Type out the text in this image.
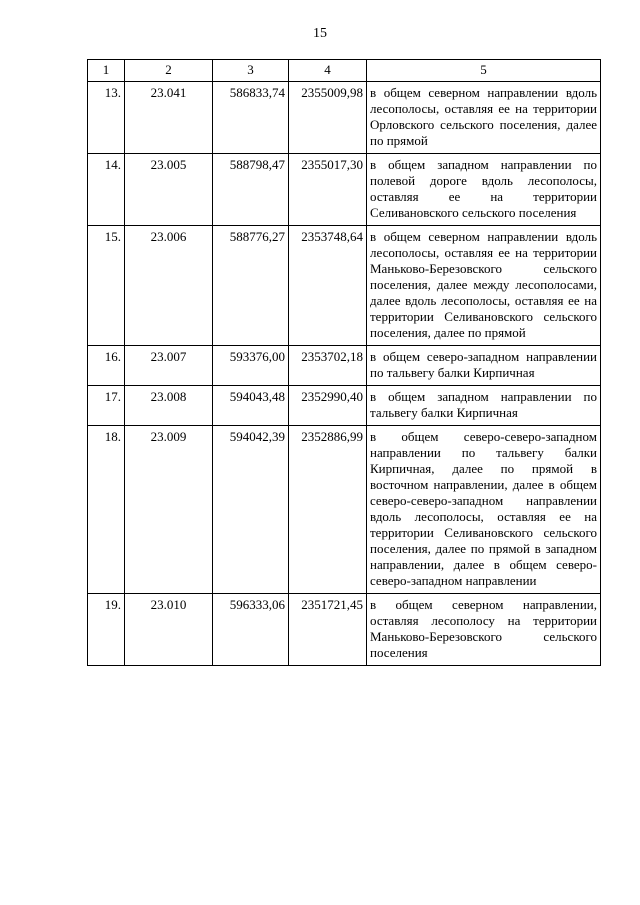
15
1	2	3	4	5
13.	23.041	586833,74	2355009,98	в общем северном направлении вдоль лесополосы, оставляя ее на территории Орловского сельского поселения, далее по прямой
14.	23.005	588798,47	2355017,30	в общем западном направлении по полевой дороге вдоль лесополосы, оставляя ее на территории Селивановского сельского поселения
15.	23.006	588776,27	2353748,64	в общем северном направлении вдоль лесополосы, оставляя ее на территории Маньково-Березовского сельского поселения, далее между лесополосами, далее вдоль лесополосы, оставляя ее на территории Селивановского сельского поселения, далее по прямой
16.	23.007	593376,00	2353702,18	в общем северо-западном направлении по тальвегу балки Кирпичная
17.	23.008	594043,48	2352990,40	в общем западном направлении по тальвегу балки Кирпичная
18.	23.009	594042,39	2352886,99	в общем северо-северо-западном направлении по тальвегу балки Кирпичная, далее по прямой в восточном направлении, далее в общем северо-северо-западном направлении вдоль лесополосы, оставляя ее на территории Селивановского сельского поселения, далее по прямой в западном направлении, далее в общем северо-северо-западном направлении
19.	23.010	596333,06	2351721,45	в общем северном направлении, оставляя лесополосу на территории Маньково-Березовского сельского поселения
